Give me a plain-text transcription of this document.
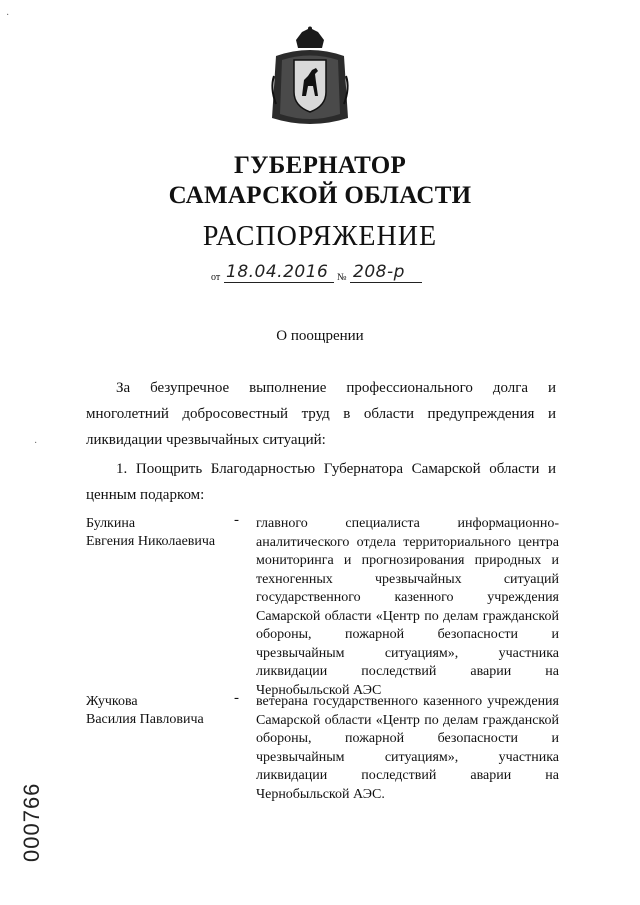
ГУБЕРНАТОР
САМАРСКОЙ ОБЛАСТИ
РАСПОРЯЖЕНИЕ
от 18.04.2016 № 208-р
О поощрении

За безупречное выполнение профессионального долга и многолетний добросовестный труд в области предупреждения и ликвидации чрезвычайных ситуаций:

1. Поощрить Благодарностью Губернатора Самарской области и ценным подарком:

Булкина
Евгения Николаевича
- главного специалиста информационно-аналитического отдела территориального центра мониторинга и прогнозирования природных и техногенных чрезвычайных ситуаций государственного казенного учреждения Самарской области «Центр по делам гражданской обороны, пожарной безопасности и чрезвычайным ситуациям», участника ликвидации последствий аварии на Чернобыльской АЭС

Жучкова
Василия Павловича
- ветерана государственного казенного учреждения Самарской области «Центр по делам гражданской обороны, пожарной безопасности и чрезвычайным ситуациям», участника ликвидации последствий аварии на Чернобыльской АЭС.

000766
·
·
